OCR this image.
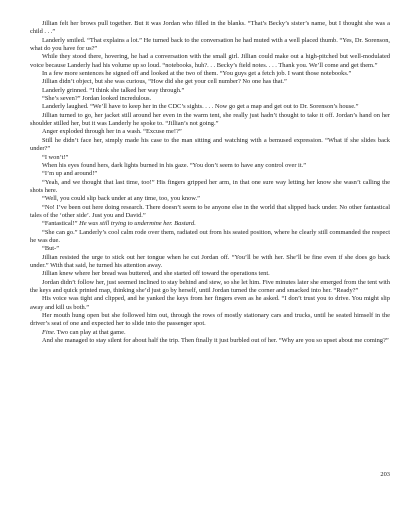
Jillian felt her brows pull together. But it was Jordan who filled in the blanks. “That’s Becky’s sister’s name, but I thought she was a child . . .”

Landerly smiled. “That explains a lot.” He turned back to the conversation he had muted with a well placed thumb. “Yes, Dr. Sorenson, what do you have for us?”

While they stood there, hovering, he had a conversation with the small girl. Jillian could make out a high-pitched but well-modulated voice because Landerly had his volume up so loud. “notebooks, huh?. . . Becky’s field notes. . . . Thank you. We’ll come and get them.”

In a few more sentences he signed off and looked at the two of them. “You guys get a fetch job. I want those notebooks.”

Jillian didn’t object, but she was curious, “How did she get your cell number? No one has that.”

Landerly grinned. “I think she talked her way through.”

“She’s seven?” Jordan looked incredulous.

Landerly laughed. “We’ll have to keep her in the CDC’s sights. . . . Now go get a map and get out to Dr. Sorenson’s house.”

Jillian turned to go, her jacket still around her even in the warm tent, she really just hadn’t thought to take it off. Jordan’s hand on her shoulder stilled her, but it was Landerly he spoke to. “Jillian’s not going.”

Anger exploded through her in a wash. “Excuse me!?”

Still he didn’t face her, simply made his case to the man sitting and watching with a bemused expression. “What if she slides back under?”

“I won’t!”

When his eyes found hers, dark lights burned in his gaze. “You don’t seem to have any control over it.”

“I’m up and around!”

“Yeah, and we thought that last time, too!” His fingers gripped her arm, in that one sure way letting her know she wasn’t calling the shots here.

“Well, you could slip back under at any time, too, you know.”

“No! I’ve been out here doing research. There doesn’t seem to be anyone else in the world that slipped back under. No other fantastical tales of the ‘other side’. Just you and David.”

“Fantastical!” He was still trying to undermine her. Bastard.

“She can go.” Landerly’s cool calm rode over them, radiated out from his seated position, where he clearly still commanded the respect he was due.

“But-”

Jillian resisted the urge to stick out her tongue when he cut Jordan off. “You’ll be with her. She’ll be fine even if she does go back under.” With that said, he turned his attention away.

Jillian knew where her bread was buttered, and she started off toward the operations tent.

Jordan didn’t follow her, just seemed inclined to stay behind and stew, so she let him. Five minutes later she emerged from the tent with the keys and quick printed map, thinking she’d just go by herself, until Jordan turned the corner and smacked into her. “Ready?”

His voice was tight and clipped, and he yanked the keys from her fingers even as he asked. “I don’t trust you to drive. You might slip away and kill us both.”

Her mouth hung open but she followed him out, through the rows of mostly stationary cars and trucks, until he seated himself in the driver’s seat of one and expected her to slide into the passenger spot.

Fine. Two can play at that game.

And she managed to stay silent for about half the trip. Then finally it just burbled out of her. “Why are you so upset about me coming?”

203
